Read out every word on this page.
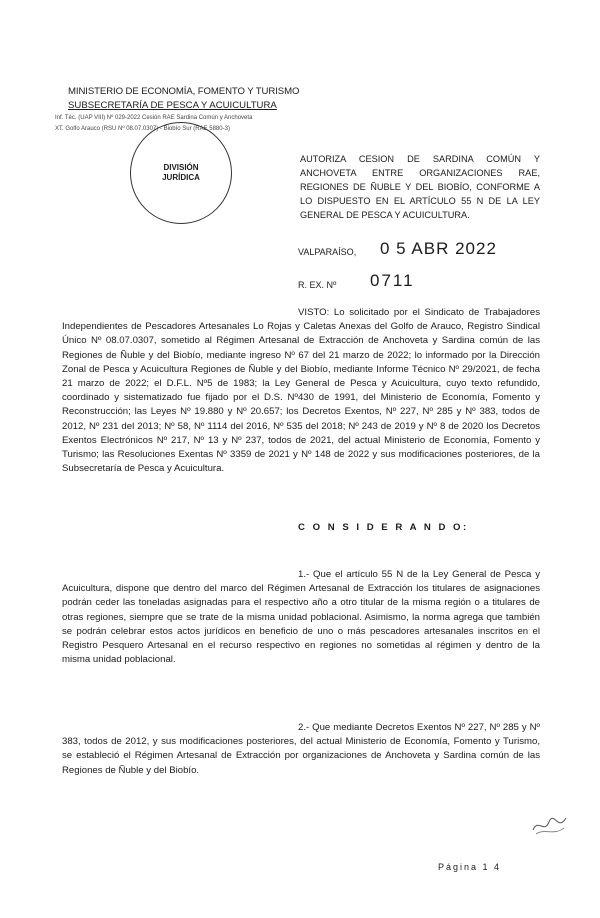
MINISTERIO DE ECONOMÍA, FOMENTO Y TURISMO
SUBSECRETARÍA DE PESCA Y ACUICULTURA
Inf. Téc. (UAP VIII) Nº 029-2022 Cesión RAE Sardina Común y Anchoveta
XT. Golfo Arauco (RSU Nº 08.07.0307) - Biobío Sur (RAE 5880-3)
DIVISIÓN
JURÍDICA
AUTORIZA CESION DE SARDINA COMÚN Y ANCHOVETA ENTRE ORGANIZACIONES RAE, REGIONES DE ÑUBLE Y DEL BIOBÍO, CONFORME A LO DISPUESTO EN EL ARTÍCULO 55 N DE LA LEY GENERAL DE PESCA Y ACUICULTURA.
VALPARAÍSO, 0 5 ABR 2022
R. EX. Nº 0711
VISTO: Lo solicitado por el Sindicato de Trabajadores Independientes de Pescadores Artesanales Lo Rojas y Caletas Anexas del Golfo de Arauco, Registro Sindical Único Nº 08.07.0307, sometido al Régimen Artesanal de Extracción de Anchoveta y Sardina común de las Regiones de Ñuble y del Biobío, mediante ingreso Nº 67 del 21 marzo de 2022; lo informado por la Dirección Zonal de Pesca y Acuicultura Regiones de Ñuble y del Biobío, mediante Informe Técnico Nº 29/2021, de fecha 21 marzo de 2022; el D.F.L. Nº5 de 1983; la Ley General de Pesca y Acuicultura, cuyo texto refundido, coordinado y sistematizado fue fijado por el D.S. Nº430 de 1991, del Ministerio de Economía, Fomento y Reconstrucción; las Leyes Nº 19.880 y Nº 20.657; los Decretos Exentos, Nº 227, Nº 285 y Nº 383, todos de 2012, Nº 231 del 2013; Nº 58, Nº 1114 del 2016, Nº 535 del 2018; Nº 243 de 2019 y Nº 8 de 2020 los Decretos Exentos Electrónicos Nº 217, Nº 13 y Nº 237, todos de 2021, del actual Ministerio de Economía, Fomento y Turismo; las Resoluciones Exentas Nº 3359 de 2021 y Nº 148 de 2022 y sus modificaciones posteriores, de la Subsecretaría de Pesca y Acuicultura.
C O N S I D E R A N D O:
1.- Que el artículo 55 N de la Ley General de Pesca y Acuicultura, dispone que dentro del marco del Régimen Artesanal de Extracción los titulares de asignaciones podrán ceder las toneladas asignadas para el respectivo año a otro titular de la misma región o a titulares de otras regiones, siempre que se trate de la misma unidad poblacional. Asimismo, la norma agrega que también se podrán celebrar estos actos jurídicos en beneficio de uno o más pescadores artesanales inscritos en el Registro Pesquero Artesanal en el recurso respectivo en regiones no sometidas al régimen y dentro de la misma unidad poblacional.
2.- Que mediante Decretos Exentos Nº 227, Nº 285 y Nº 383, todos de 2012, y sus modificaciones posteriores, del actual Ministerio de Economía, Fomento y Turismo, se estableció el Régimen Artesanal de Extracción por organizaciones de Anchoveta y Sardina común de las Regiones de Ñuble y del Biobío.
Página 1 4
